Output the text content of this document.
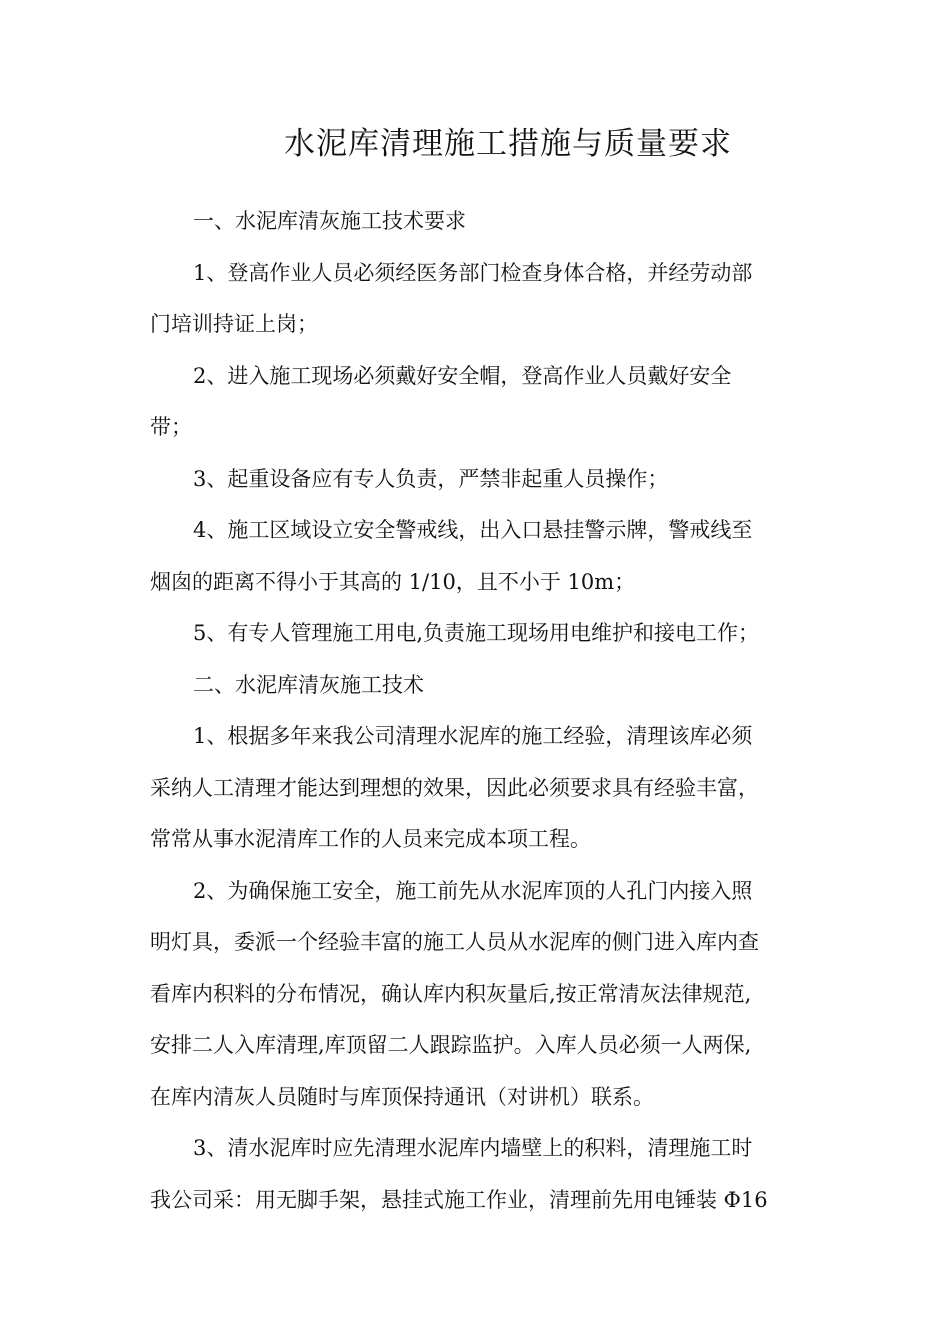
水泥库清理施工措施与质量要求
一、水泥库清灰施工技术要求
1、登高作业人员必须经医务部门检查身体合格，并经劳动部
门培训持证上岗；
2、进入施工现场必须戴好安全帽，登高作业人员戴好安全
带；
3、起重设备应有专人负责，严禁非起重人员操作；
4、施工区域设立安全警戒线，出入口悬挂警示牌，警戒线至
烟囱的距离不得小于其高的 1/10，且不小于 10m；
5、有专人管理施工用电,负责施工现场用电维护和接电工作；
二、水泥库清灰施工技术
1、根据多年来我公司清理水泥库的施工经验，清理该库必须
采纳人工清理才能达到理想的效果，因此必须要求具有经验丰富，
常常从事水泥清库工作的人员来完成本项工程。
2、为确保施工安全，施工前先从水泥库顶的人孔门内接入照
明灯具，委派一个经验丰富的施工人员从水泥库的侧门进入库内查
看库内积料的分布情况，确认库内积灰量后,按正常清灰法律规范,
安排二人入库清理,库顶留二人跟踪监护。入库人员必须一人两保,
在库内清灰人员随时与库顶保持通讯（对讲机）联系。
3、清水泥库时应先清理水泥库内墙壁上的积料，清理施工时
我公司采：用无脚手架，悬挂式施工作业，清理前先用电锤装 Φ16
